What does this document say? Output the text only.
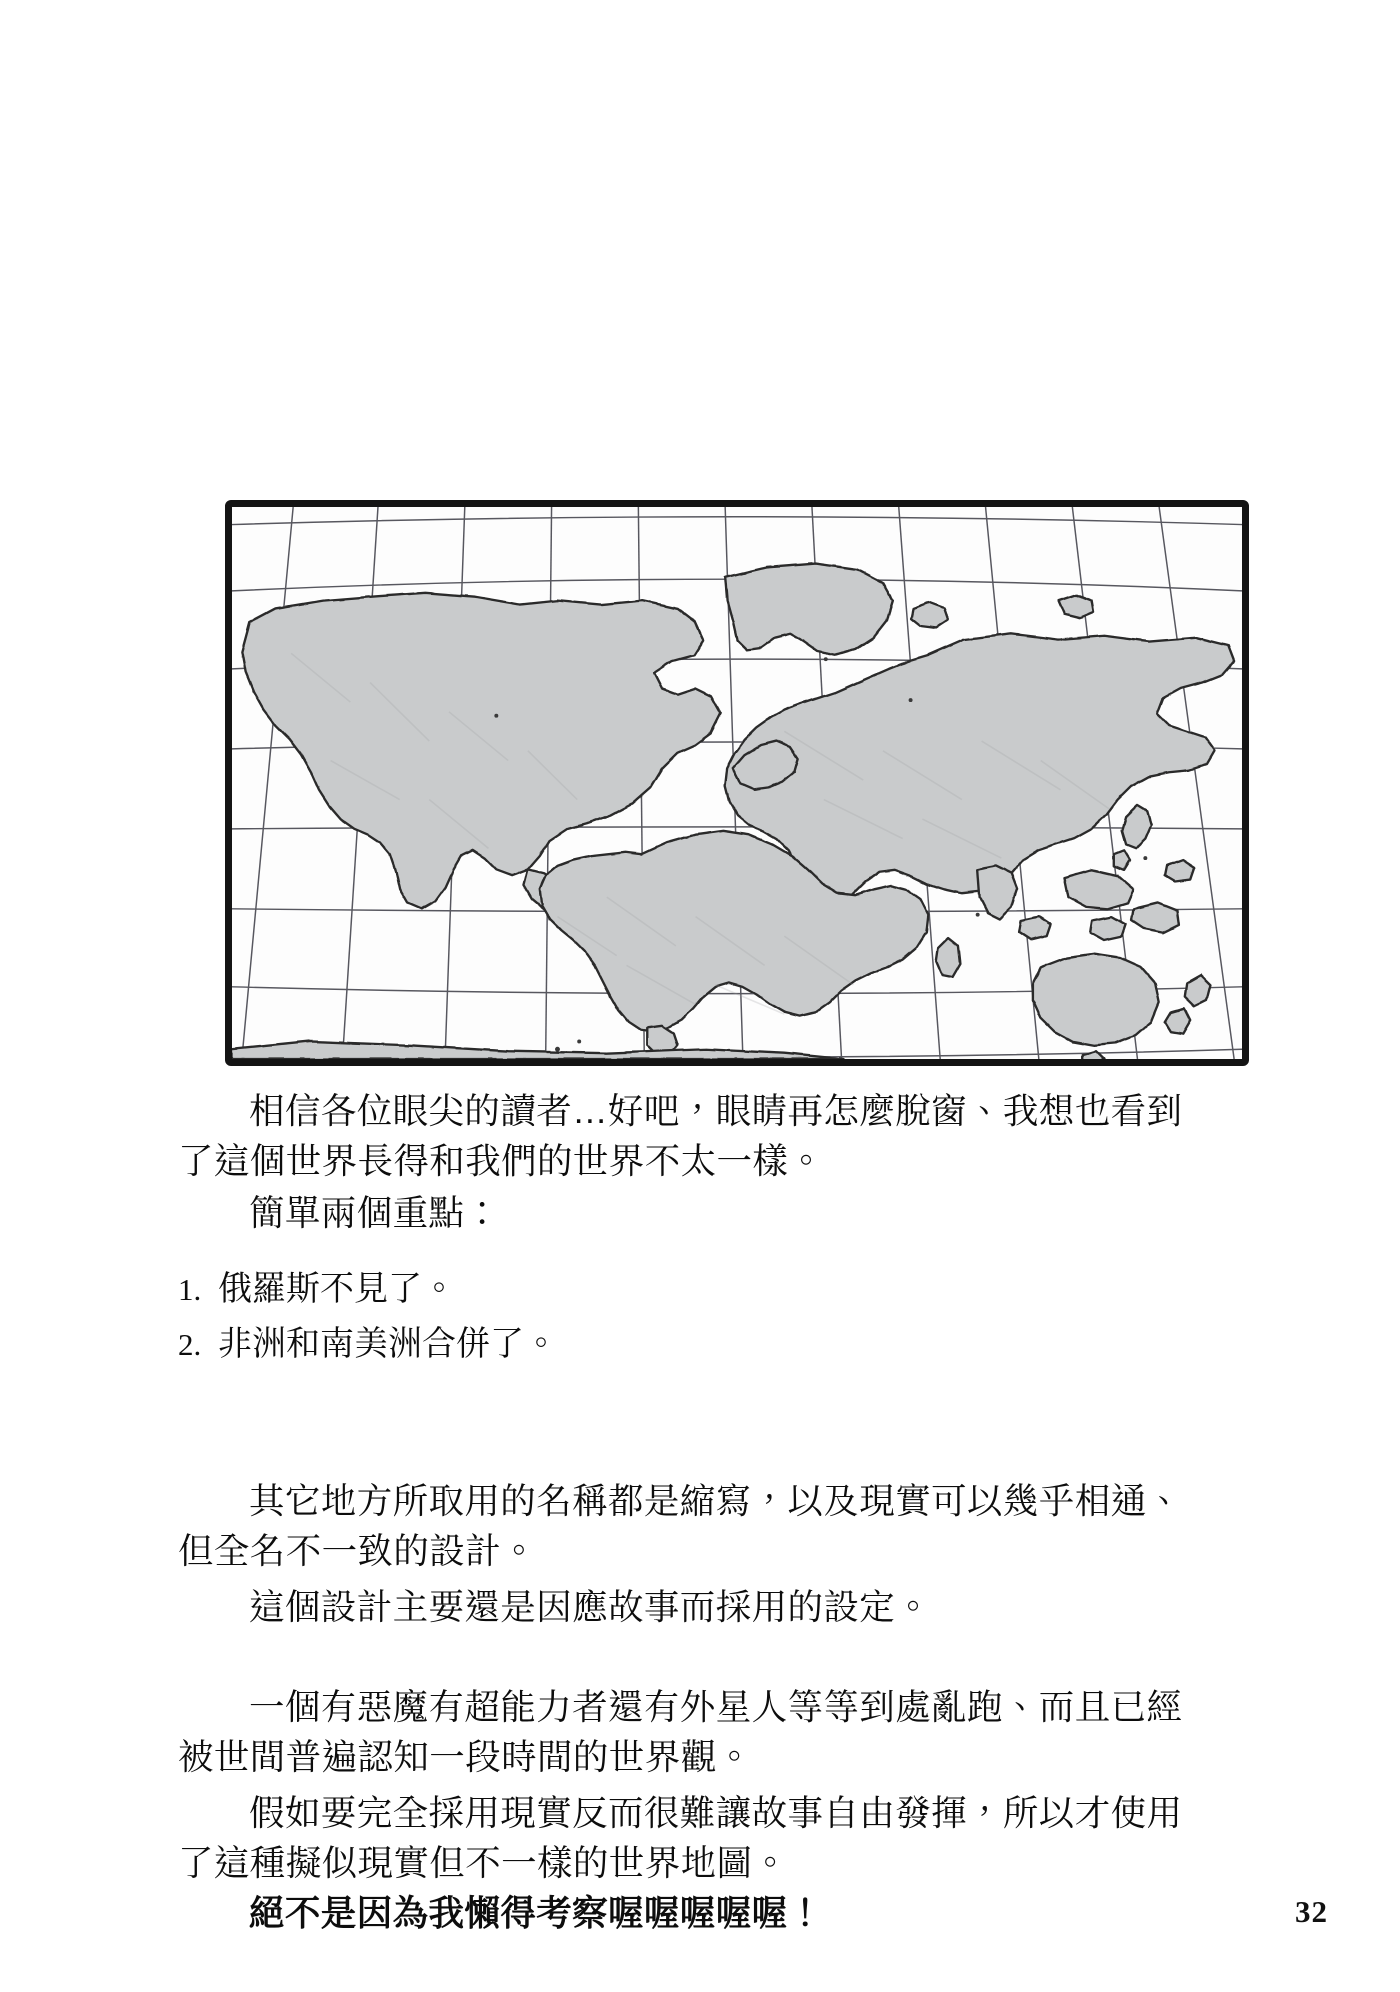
相信各位眼尖的讀者…好吧，眼睛再怎麼脫窗、我想也看到了這個世界長得和我們的世界不太一樣。

簡單兩個重點：

1. 俄羅斯不見了。
2. 非洲和南美洲合併了。

其它地方所取用的名稱都是縮寫，以及現實可以幾乎相通、但全名不一致的設計。

這個設計主要還是因應故事而採用的設定。

一個有惡魔有超能力者還有外星人等等到處亂跑、而且已經被世間普遍認知一段時間的世界觀。

假如要完全採用現實反而很難讓故事自由發揮，所以才使用了這種擬似現實但不一樣的世界地圖。

絕不是因為我懶得考察喔喔喔喔喔！	32
